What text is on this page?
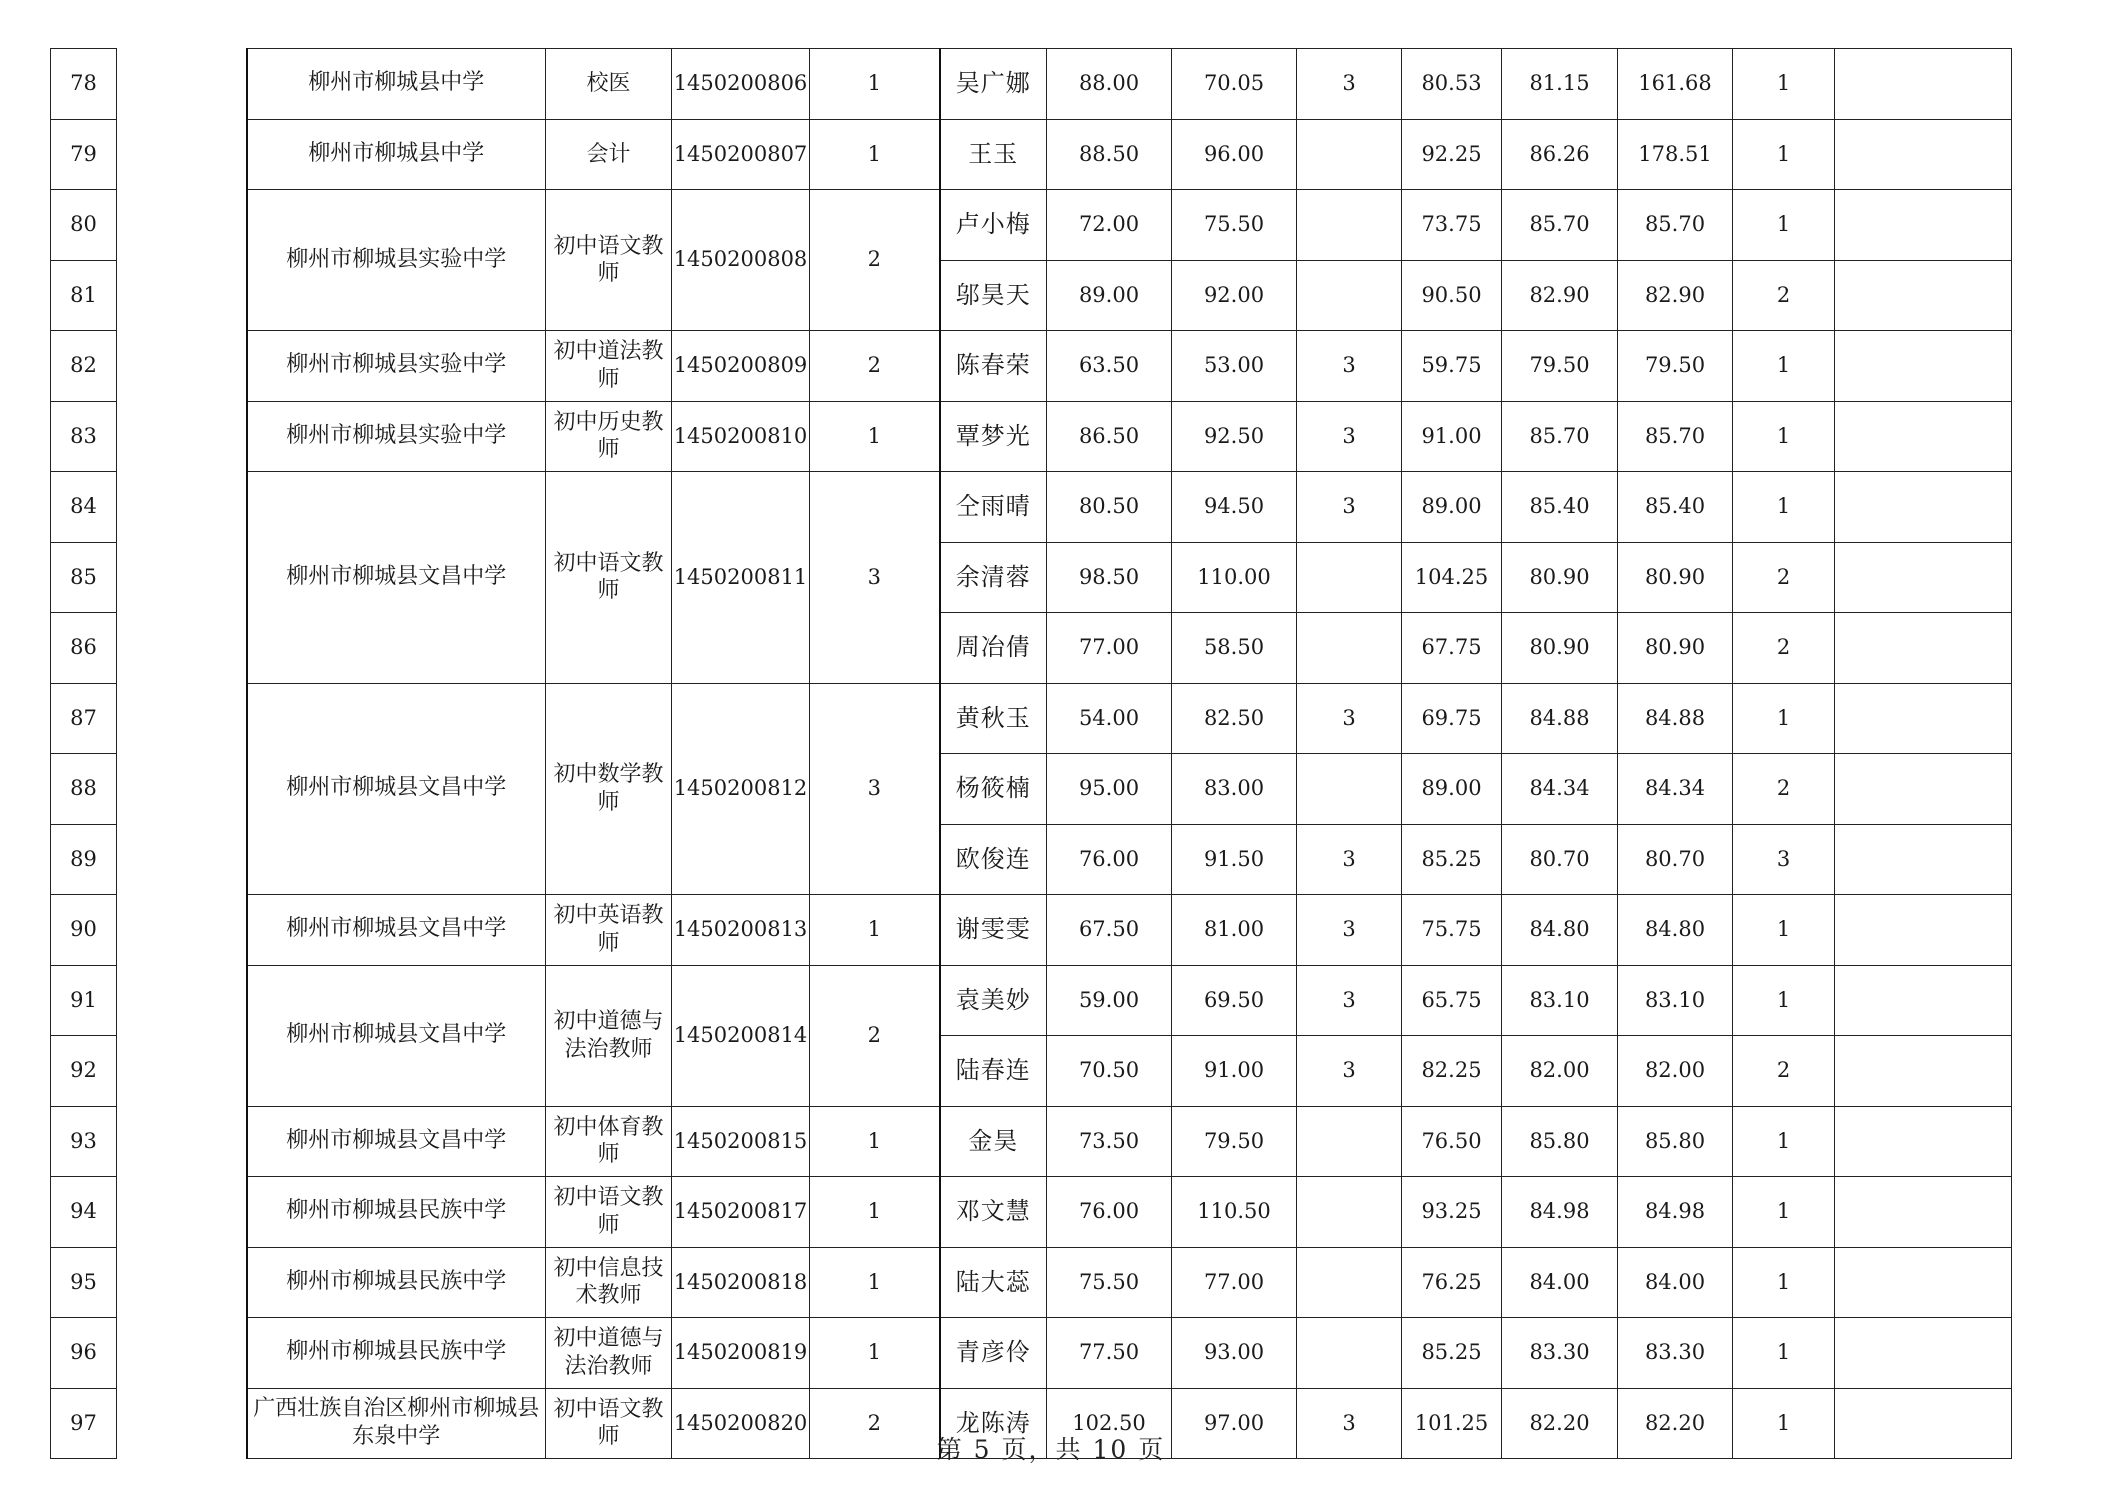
78		柳州市柳城县中学	校医	1450200806	1	吴广娜	88.00	70.05	3	80.53	81.15	161.68	1	
79		柳州市柳城县中学	会计	1450200807	1	王玉	88.50	96.00		92.25	86.26	178.51	1	
80		柳州市柳城县实验中学	初中语文教师	1450200808	2	卢小梅	72.00	75.50		73.75	85.70	85.70	1	
81						邬昊天	89.00	92.00		90.50	82.90	82.90	2	
82		柳州市柳城县实验中学	初中道法教师	1450200809	2	陈春荣	63.50	53.00	3	59.75	79.50	79.50	1	
83		柳州市柳城县实验中学	初中历史教师	1450200810	1	覃梦光	86.50	92.50	3	91.00	85.70	85.70	1	
84		柳州市柳城县文昌中学	初中语文教师	1450200811	3	仝雨晴	80.50	94.50	3	89.00	85.40	85.40	1	
85						余清蓉	98.50	110.00		104.25	80.90	80.90	2	
86						周冶倩	77.00	58.50		67.75	80.90	80.90	2	
87		柳州市柳城县文昌中学	初中数学教师	1450200812	3	黄秋玉	54.00	82.50	3	69.75	84.88	84.88	1	
88						杨筱楠	95.00	83.00		89.00	84.34	84.34	2	
89						欧俊连	76.00	91.50	3	85.25	80.70	80.70	3	
90		柳州市柳城县文昌中学	初中英语教师	1450200813	1	谢雯雯	67.50	81.00	3	75.75	84.80	84.80	1	
91		柳州市柳城县文昌中学	初中道德与法治教师	1450200814	2	袁美妙	59.00	69.50	3	65.75	83.10	83.10	1	
92						陆春连	70.50	91.00	3	82.25	82.00	82.00	2	
93		柳州市柳城县文昌中学	初中体育教师	1450200815	1	金昊	73.50	79.50		76.50	85.80	85.80	1	
94		柳州市柳城县民族中学	初中语文教师	1450200817	1	邓文慧	76.00	110.50		93.25	84.98	84.98	1	
95		柳州市柳城县民族中学	初中信息技术教师	1450200818	1	陆大蕊	75.50	77.00		76.25	84.00	84.00	1	
96		柳州市柳城县民族中学	初中道德与法治教师	1450200819	1	青彦伶	77.50	93.00		85.25	83.30	83.30	1	
97		广西壮族自治区柳州市柳城县东泉中学	初中语文教师	1450200820	2	龙陈涛	102.50	97.00	3	101.25	82.20	82.20	1	
第 5 页，共 10 页
